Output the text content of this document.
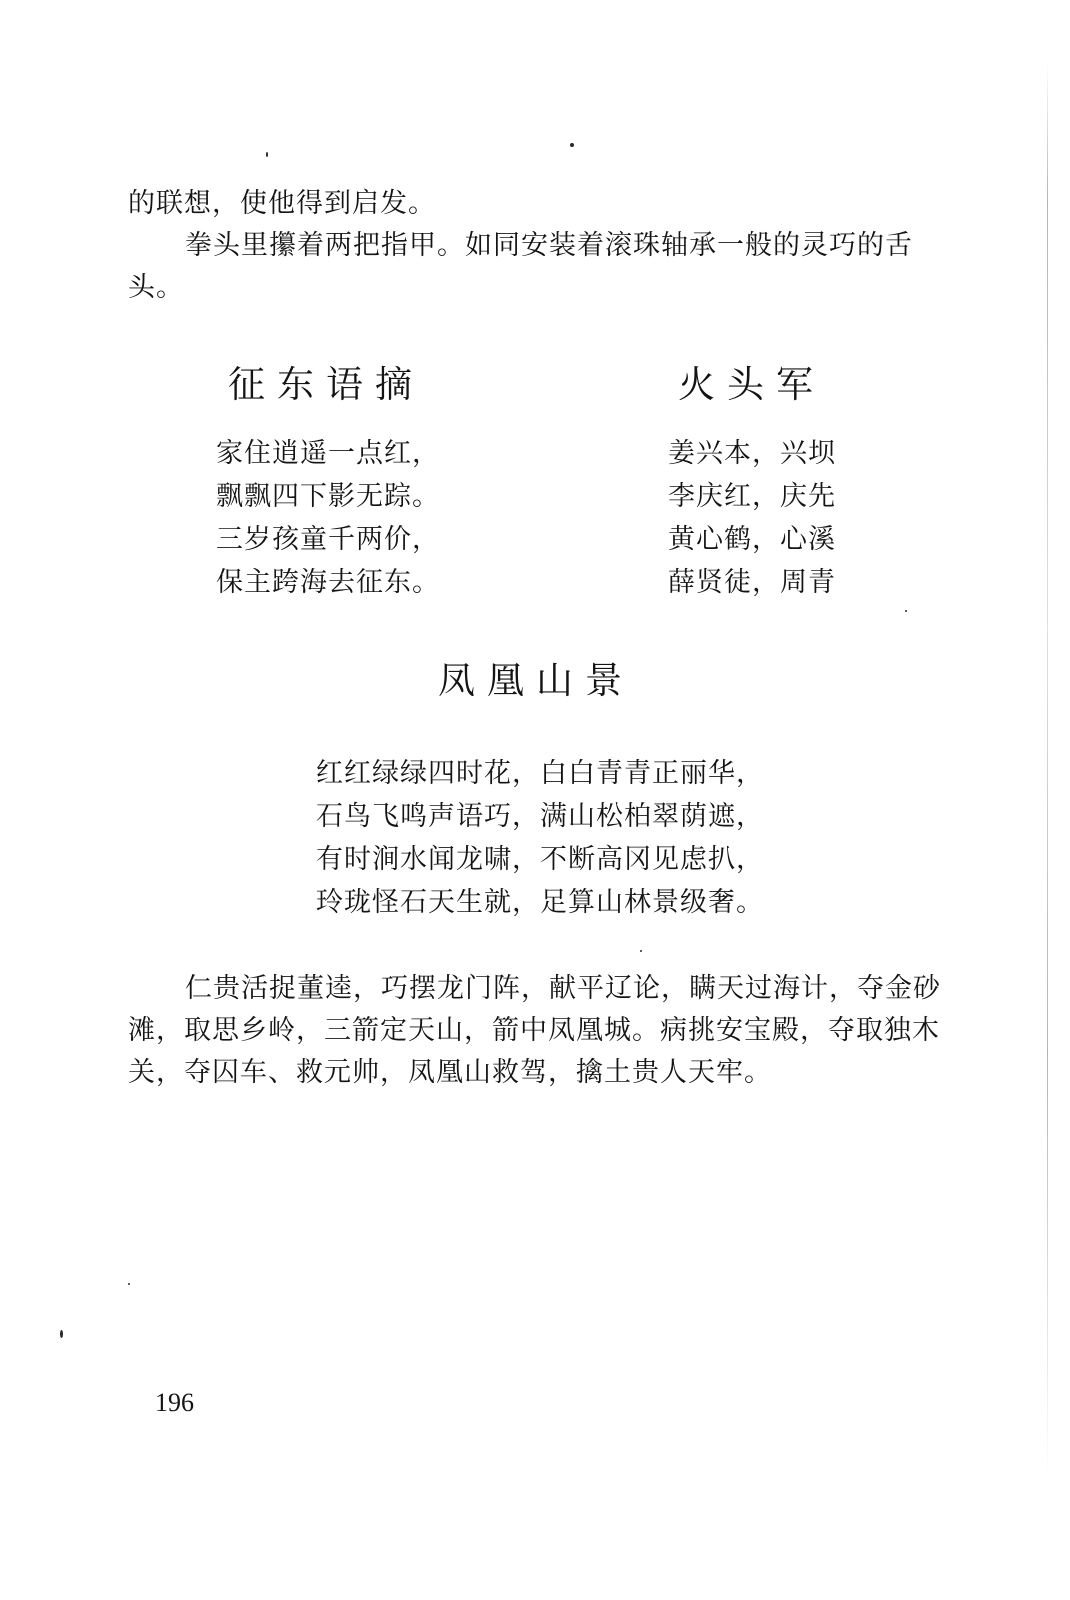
的联想，使他得到启发。
拳头里攥着两把指甲。如同安装着滚珠轴承一般的灵巧的舌
头。
征东语摘
家住逍遥一点红，
飘飘四下影无踪。
三岁孩童千两价，
保主跨海去征东。
火头军
姜兴本，兴坝
李庆红，庆先
黄心鹤，心溪
薛贤徒，周青
凤凰山景
红红绿绿四时花，白白青青正丽华，
石鸟飞鸣声语巧，满山松柏翠荫遮，
有时涧水闻龙啸，不断高冈见虑扒，
玲珑怪石天生就，足算山林景级奢。
仁贵活捉董逵，巧摆龙门阵，献平辽论，瞒天过海计，夺金砂
滩，取思乡岭，三箭定天山，箭中凤凰城。病挑安宝殿，夺取独木
关，夺囚车、救元帅，凤凰山救驾，擒土贵人天牢。
196
